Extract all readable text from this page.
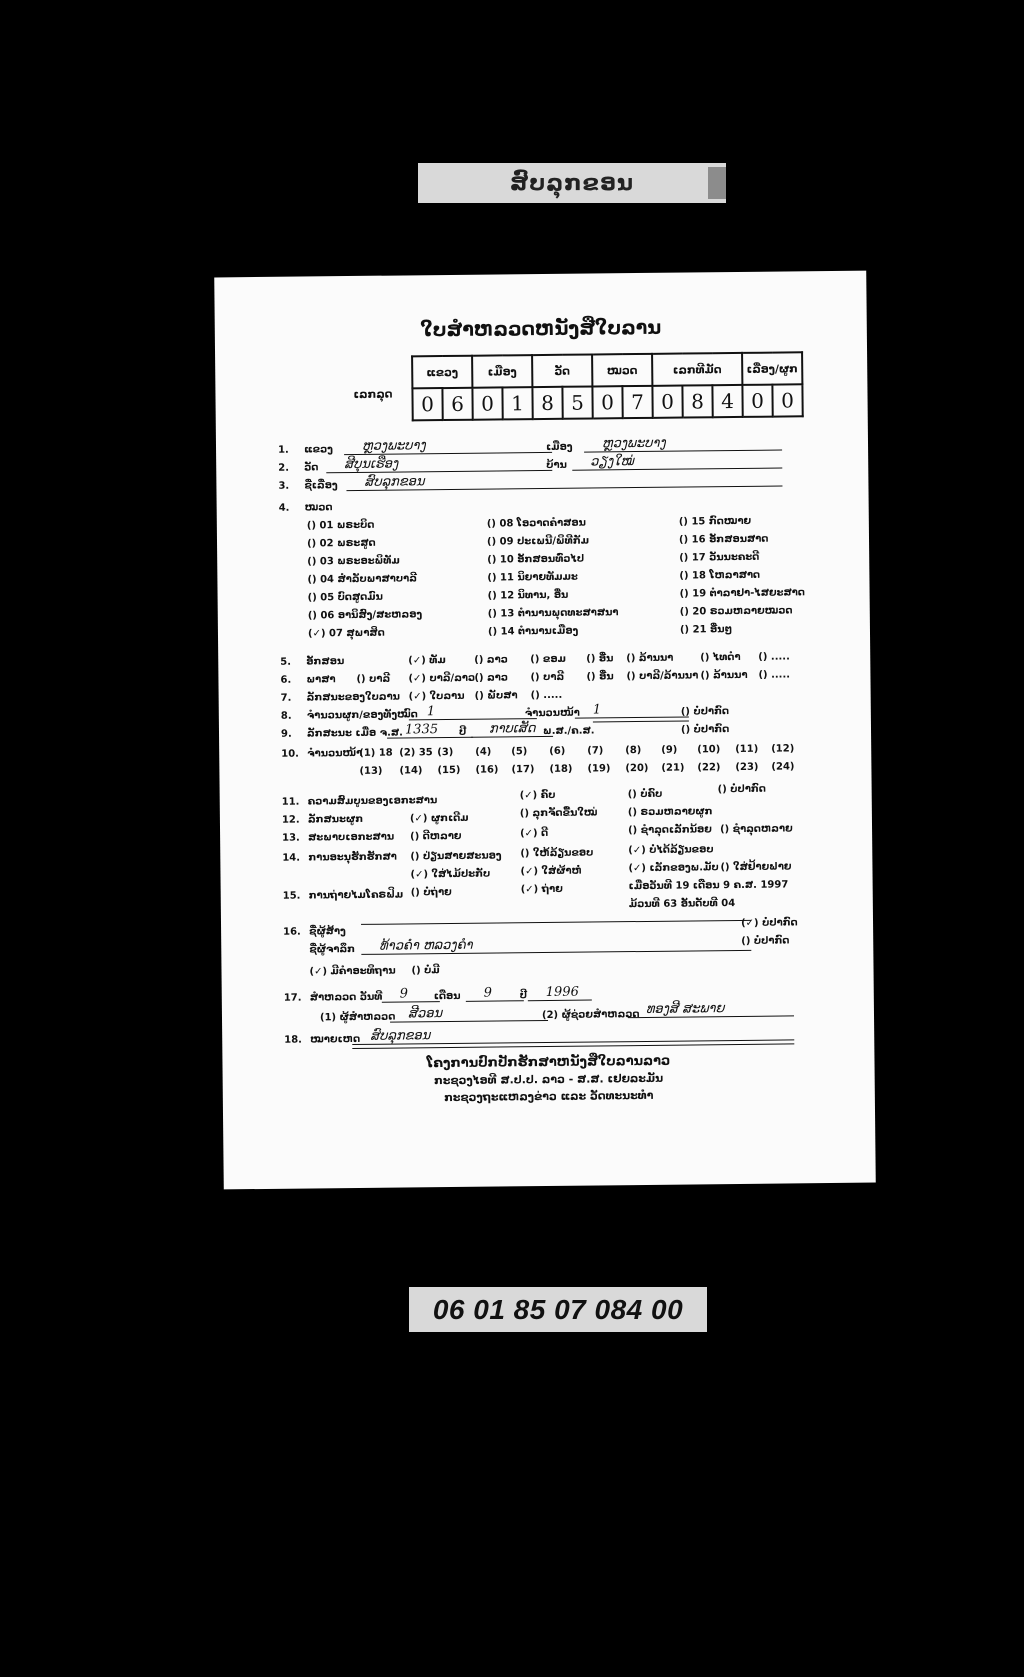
ສົບລຸກຂອນ
ໃບສຳຫລວດຫນັງສືໃບລານ
ເລກລຸດ
ແຂວງ		ເມືອງ		ວັດ		ໝວດ		ເລກທີມັດ			ເລື່ອງ/ຜູກ	
0	6	0	1	8	5	0	7	0	8	4	0	0
1. ແຂວງ	ຫຼວງພະບາງ	ເມືອງ	ຫຼວງພະບາງ
2. ວັດ	ສີບຸນເຮືອງ	ບ້ານ	ວຽງໃໝ່
3. ຊື່ເລື່ອງ	ສົບລຸກຂອນ
4. ໝວດ
() 01 ພຣະບິດ
() 02 ພຣະສູດ
() 03 ພຣະອະພິທັມ
() 04 ສຳລັບພາສາບາລີ
() 05 ບົດສູດມົນ
() 06 ອານິສົງ/ສະຫລອງ
(✓) 07 ສຸພາສິດ
() 08 ໂອວາດຄຳສອນ
() 09 ປະເພນີ/ພິທີກັມ
() 10 ອັກສອນທົ່ວໄປ
() 11 ນິຍາຍທັມມະ
() 12 ນິທານ, ອື່ນ
() 13 ຕຳນານພຸດທະສາສນາ
() 14 ຕຳນານເມືອງ
() 15 ກົດໝາຍ
() 16 ອັກສອນສາດ
() 17 ວັນນະຄະດີ
() 18 ໂຫລາສາດ
() 19 ຕຳລາຢາ-ໄສຍະສາດ
() 20 ຣວມຫລາຍໝວດ
() 21 ອື່ນໆ
5. ອັກສອນ	(✓) ທັມ	() ລາວ () ຂອມ () ອື່ນ () ລ້ານນາ	() ໄທດຳ () .....
6. ພາສາ () ບາລີ (✓) ບາລີ/ລາວ () ລາວ () ບາລີ () ອື່ນ () ບາລີ/ລ້ານນາ () ລ້ານນາ () .....
7. ລັກສນະຂອງໃບລານ (✓) ໃບລານ () ພັບສາ () .....
8. ຈຳນວນຜູກ/ຂອງທັງໝົດ 1	ຈຳນວນໜ້າ 1	() ບໍ່ປາກົດ
9. ລັກສະນະ ເມື່ອ ຈ.ສ. 1335	ປີ	ກາບເສັດ ພ.ສ./ຄ.ສ.	() ບໍ່ປາກົດ
10. ຈຳນວນໜ້າ
(1) 18 (2) 35 (3) (4) (5) (6) (7) (8) (9) (10) (11) (12)
(13) (14) (15) (16) (17) (18) (19) (20) (21) (22) (23) (24)
11. ຄວາມສົມບູນຂອງເອກະສານ	(✓) ຄົບ	() ບໍ່ຄົບ	() ບໍ່ປາກົດ
12. ລັກສນະຜູກ	(✓) ຜູກເດີມ	() ລຸກຈັດຂື້ນໃໝ່	() ຣວມຫລາຍຜູກ
13. ສະພາບເອກະສານ () ດີຫລາຍ	(✓) ດີ	() ຊຳລຸດເລັກນ້ອຍ () ຊຳລຸດຫລາຍ
14. ການອະນຸຮັກຮັກສາ () ປ່ຽນສາຍສະນອງ () ໃຫ້ລ້ຽນຂອບ	(✓) ບໍ່ໄດ້ລ້ຽນຂອບ
(✓) ໃສ່ໄມ້ປະກັບ	(✓) ໃສ່ຜ້າຫໍ່	(✓) ເລັກຂອງພ.ມັບ () ໃສ່ຢ້າຍຟາຍ
15. ການຖ່າຍໄມໂຄຣຟິມ () ບໍ່ຖ່າຍ	(✓) ຖ່າຍ	ເມື່ອວັນທີ 19 ເດືອນ 9 ຄ.ສ. 1997
ມ້ວນທີ 63 ອັນດັບທີ 04
16. ຊື່ຜູ້ສ້າງ
(✓) ບໍ່ປາກົດ
ຊື່ຜູ້ຈາລຶກ	ທ້າວຄຳ ຫລວງຄໍາ	() ບໍ່ປາກົດ
(✓) ມີຄຳອະທິຖານ () ບໍ່ມີ
17. ສຳຫລວດ ວັນທີ	9	ເດືອນ	9	ປີ	1996
(1) ຜູ້ສຳຫລວດ ສີວອນ	(2) ຜູ້ຊ່ວຍສຳຫລວດ ທອງສີ ສະພາຍ
18. ໝາຍເຫດ ສົບລຸກຂອນ
ໂຄງການປົກປັກຮັກສາຫນັງສືໃບລານລາວ
ກະຊວງໄອທີ ສ.ປ.ປ. ລາວ - ສ.ສ. ເຢຍລະມັນ
ກະຊວງຖະແຫລງຂ່າວ ແລະ ວັດທະນະທຳ
06 01 85 07 084 00
